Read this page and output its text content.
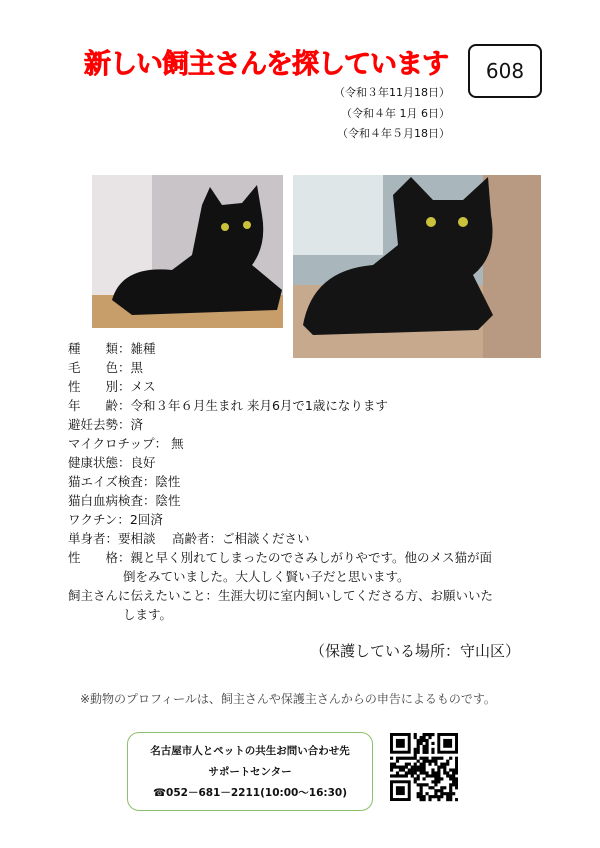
新しい飼主さんを探しています	608
（令和３年11月18日）
（令和４年 1月 6日）
（令和４年５月18日）
種　　類：雑種
毛　　色：黒
性　　別：メス
年　　齢：令和３年６月生まれ 来月6月で1歳になります
避妊去勢：済
マイクロチップ： 無
健康状態：良好
猫エイズ検査：陰性
猫白血病検査：陰性
ワクチン：2回済
単身者：要相談　 高齢者：ご相談ください
性　　格：親と早く別れてしまったのでさみしがりやです。他のメス猫が面
倒をみていました。大人しく賢い子だと思います。
飼主さんに伝えたいこと：生涯大切に室内飼いしてくださる方、お願いいた
します。
（保護している場所：守山区）
※動物のプロフィールは、飼主さんや保護主さんからの申告によるものです。
名古屋市人とペットの共生お問い合わせ先
サポートセンター
☎052－681－2211(10:00～16:30)
